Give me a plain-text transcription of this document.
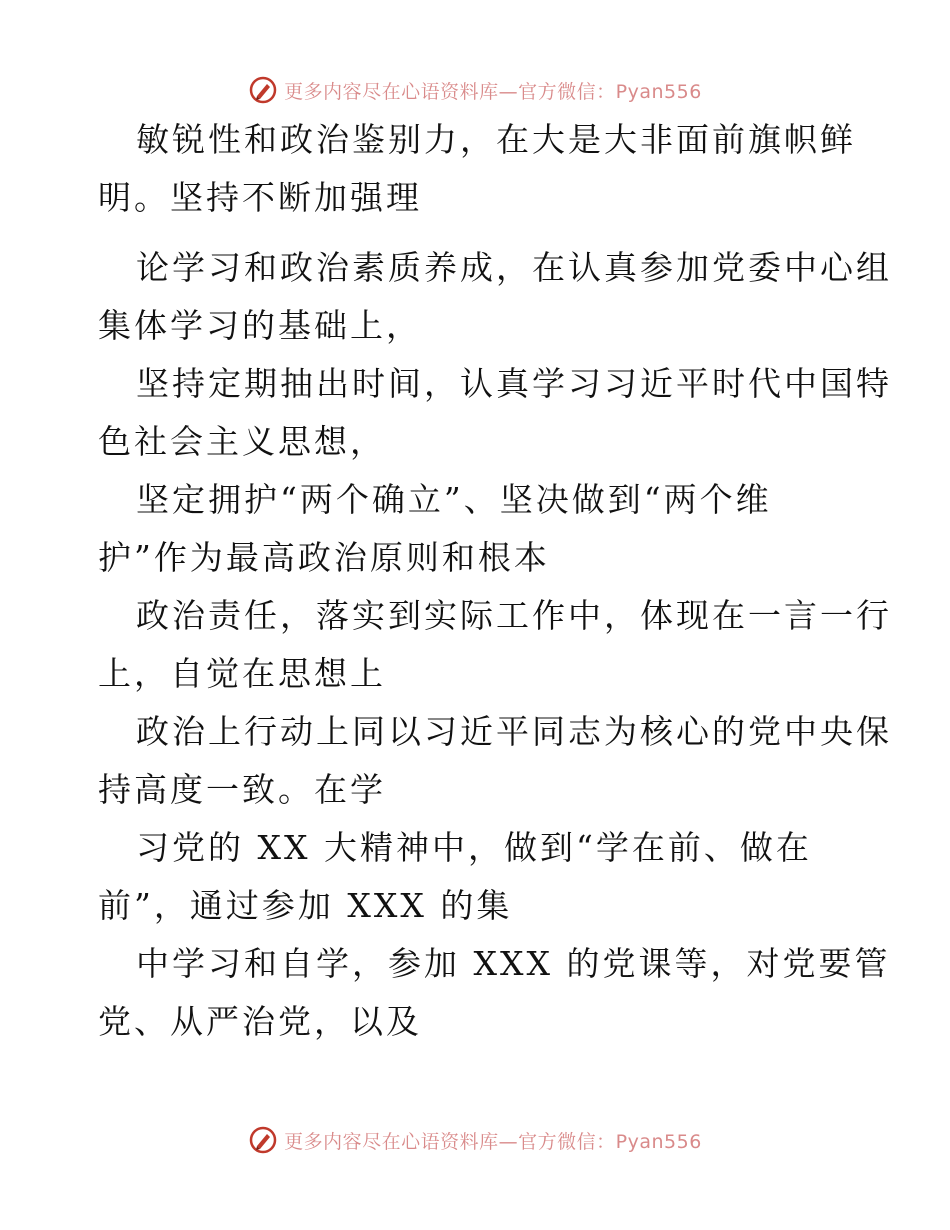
更多内容尽在心语资料库—官方微信：Pyan556
敏锐性和政治鉴别力，在大是大非面前旗帜鲜
明。坚持不断加强理
论学习和政治素质养成，在认真参加党委中心组
集体学习的基础上，
坚持定期抽出时间，认真学习习近平时代中国特
色社会主义思想，
坚定拥护“两个确立”、坚决做到“两个维
护”作为最高政治原则和根本
政治责任，落实到实际工作中，体现在一言一行
上，自觉在思想上
政治上行动上同以习近平同志为核心的党中央保
持高度一致。在学
习党的 XX 大精神中，做到“学在前、做在
前”，通过参加 XXX 的集
中学习和自学，参加 XXX 的党课等，对党要管
党、从严治党，以及
更多内容尽在心语资料库—官方微信：Pyan556
